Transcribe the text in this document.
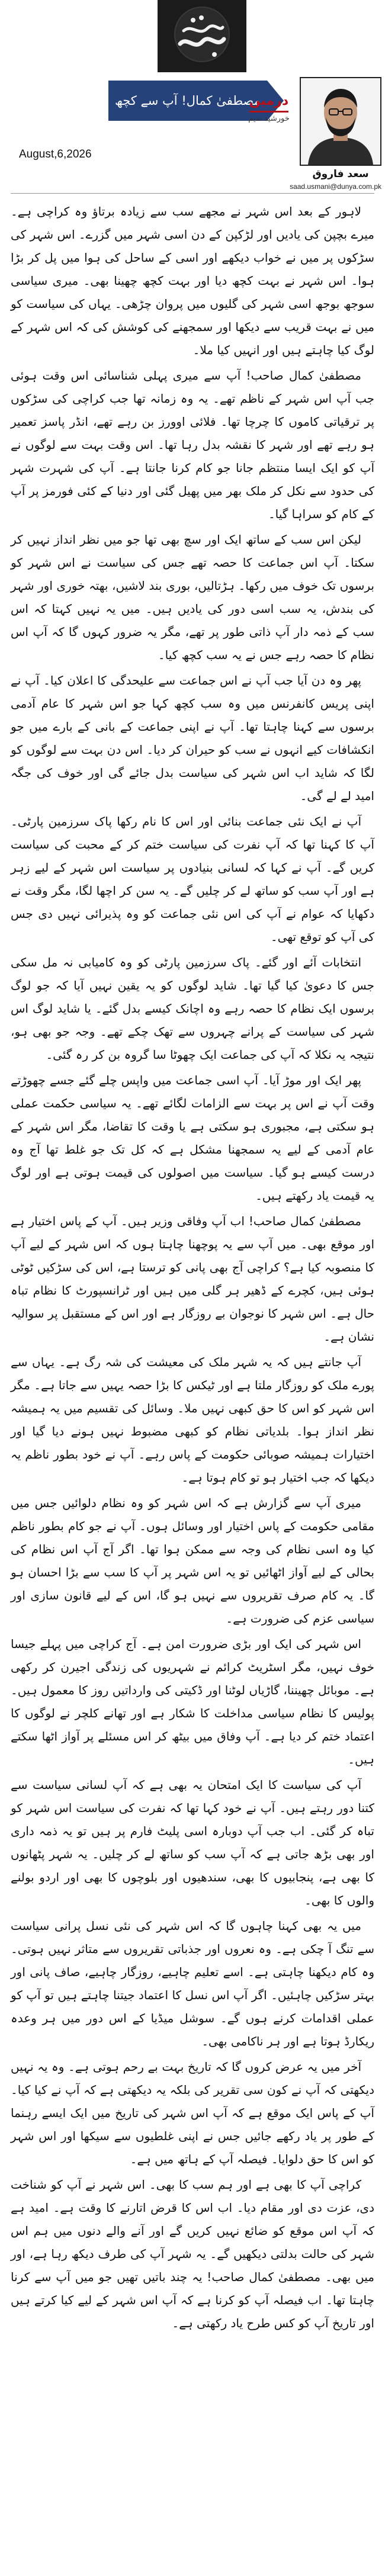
مصطفیٰ کمال! آپ سے کچھ باتیں
درمیں
خورشید ندیم
سعد فاروق
saad.usmani@dunya.com.pk
August,6,2026

لاہور کے بعد اس شہر نے مجھے سب سے زیادہ برتاؤ وہ کراچی ہے۔ میرے بچپن کی یادیں اور لڑکپن کے دن اسی شہر میں گزرے۔ اس شہر کی سڑکوں پر میں نے خواب دیکھے اور اسی کے ساحل کی ہوا میں پل کر بڑا ہوا۔ اس شہر نے بہت کچھ دیا اور بہت کچھ چھینا بھی۔ میری سیاسی سوجھ بوجھ اسی شہر کی گلیوں میں پروان چڑھی۔ یہاں کی سیاست کو میں نے بہت قریب سے دیکھا اور سمجھنے کی کوشش کی کہ اس شہر کے لوگ کیا چاہتے ہیں اور انہیں کیا ملا۔

مصطفیٰ کمال صاحب! آپ سے میری پہلی شناسائی اس وقت ہوئی جب آپ اس شہر کے ناظم تھے۔ یہ وہ زمانہ تھا جب کراچی کی سڑکوں پر ترقیاتی کاموں کا چرچا تھا۔ فلائی اوورز بن رہے تھے، انڈر پاسز تعمیر ہو رہے تھے اور شہر کا نقشہ بدل رہا تھا۔ اس وقت بہت سے لوگوں نے آپ کو ایک ایسا منتظم جانا جو کام کرنا جانتا ہے۔ آپ کی شہرت شہر کی حدود سے نکل کر ملک بھر میں پھیل گئی اور دنیا کے کئی فورمز پر آپ کے کام کو سراہا گیا۔

لیکن اس سب کے ساتھ ایک اور سچ بھی تھا جو میں نظر انداز نہیں کر سکتا۔ آپ اس جماعت کا حصہ تھے جس کی سیاست نے اس شہر کو برسوں تک خوف میں رکھا۔ ہڑتالیں، بوری بند لاشیں، بھتہ خوری اور شہر کی بندش، یہ سب اسی دور کی یادیں ہیں۔ میں یہ نہیں کہتا کہ اس سب کے ذمہ دار آپ ذاتی طور پر تھے، مگر یہ ضرور کہوں گا کہ آپ اس نظام کا حصہ رہے جس نے یہ سب کچھ کیا۔

پھر وہ دن آیا جب آپ نے اس جماعت سے علیحدگی کا اعلان کیا۔ آپ نے اپنی پریس کانفرنس میں وہ سب کچھ کہا جو اس شہر کا عام آدمی برسوں سے کہنا چاہتا تھا۔ آپ نے اپنی جماعت کے بانی کے بارے میں جو انکشافات کیے انہوں نے سب کو حیران کر دیا۔ اس دن بہت سے لوگوں کو لگا کہ شاید اب اس شہر کی سیاست بدل جائے گی اور خوف کی جگہ امید لے لے گی۔

آپ نے ایک نئی جماعت بنائی اور اس کا نام رکھا پاک سرزمین پارٹی۔ آپ کا کہنا تھا کہ آپ نفرت کی سیاست ختم کر کے محبت کی سیاست کریں گے۔ آپ نے کہا کہ لسانی بنیادوں پر سیاست اس شہر کے لیے زہر ہے اور آپ سب کو ساتھ لے کر چلیں گے۔ یہ سن کر اچھا لگا، مگر وقت نے دکھایا کہ عوام نے آپ کی اس نئی جماعت کو وہ پذیرائی نہیں دی جس کی آپ کو توقع تھی۔

انتخابات آئے اور گئے۔ پاک سرزمین پارٹی کو وہ کامیابی نہ مل سکی جس کا دعویٰ کیا گیا تھا۔ شاید لوگوں کو یہ یقین نہیں آیا کہ جو لوگ برسوں ایک نظام کا حصہ رہے وہ اچانک کیسے بدل گئے۔ یا شاید لوگ اس شہر کی سیاست کے پرانے چہروں سے تھک چکے تھے۔ وجہ جو بھی ہو، نتیجہ یہ نکلا کہ آپ کی جماعت ایک چھوٹا سا گروہ بن کر رہ گئی۔

پھر ایک اور موڑ آیا۔ آپ اسی جماعت میں واپس چلے گئے جسے چھوڑتے وقت آپ نے اس پر بہت سے الزامات لگائے تھے۔ یہ سیاسی حکمت عملی ہو سکتی ہے، مجبوری ہو سکتی ہے یا وقت کا تقاضا، مگر اس شہر کے عام آدمی کے لیے یہ سمجھنا مشکل ہے کہ کل تک جو غلط تھا آج وہ درست کیسے ہو گیا۔ سیاست میں اصولوں کی قیمت ہوتی ہے اور لوگ یہ قیمت یاد رکھتے ہیں۔

مصطفیٰ کمال صاحب! اب آپ وفاقی وزیر ہیں۔ آپ کے پاس اختیار ہے اور موقع بھی۔ میں آپ سے یہ پوچھنا چاہتا ہوں کہ اس شہر کے لیے آپ کا منصوبہ کیا ہے؟ کراچی آج بھی پانی کو ترستا ہے، اس کی سڑکیں ٹوٹی ہوئی ہیں، کچرے کے ڈھیر ہر گلی میں ہیں اور ٹرانسپورٹ کا نظام تباہ حال ہے۔ اس شہر کا نوجوان بے روزگار ہے اور اس کے مستقبل پر سوالیہ نشان ہے۔

آپ جانتے ہیں کہ یہ شہر ملک کی معیشت کی شہ رگ ہے۔ یہاں سے پورے ملک کو روزگار ملتا ہے اور ٹیکس کا بڑا حصہ یہیں سے جاتا ہے۔ مگر اس شہر کو اس کا حق کبھی نہیں ملا۔ وسائل کی تقسیم میں یہ ہمیشہ نظر انداز ہوا۔ بلدیاتی نظام کو کبھی مضبوط نہیں ہونے دیا گیا اور اختیارات ہمیشہ صوبائی حکومت کے پاس رہے۔ آپ نے خود بطور ناظم یہ دیکھا کہ جب اختیار ہو تو کام ہوتا ہے۔

میری آپ سے گزارش ہے کہ اس شہر کو وہ نظام دلوائیں جس میں مقامی حکومت کے پاس اختیار اور وسائل ہوں۔ آپ نے جو کام بطور ناظم کیا وہ اسی نظام کی وجہ سے ممکن ہوا تھا۔ اگر آج آپ اس نظام کی بحالی کے لیے آواز اٹھائیں تو یہ اس شہر پر آپ کا سب سے بڑا احسان ہو گا۔ یہ کام صرف تقریروں سے نہیں ہو گا، اس کے لیے قانون سازی اور سیاسی عزم کی ضرورت ہے۔

اس شہر کی ایک اور بڑی ضرورت امن ہے۔ آج کراچی میں پہلے جیسا خوف نہیں، مگر اسٹریٹ کرائم نے شہریوں کی زندگی اجیرن کر رکھی ہے۔ موبائل چھیننا، گاڑیاں لوٹنا اور ڈکیتی کی وارداتیں روز کا معمول ہیں۔ پولیس کا نظام سیاسی مداخلت کا شکار ہے اور تھانے کلچر نے لوگوں کا اعتماد ختم کر دیا ہے۔ آپ وفاق میں بیٹھ کر اس مسئلے پر آواز اٹھا سکتے ہیں۔

آپ کی سیاست کا ایک امتحان یہ بھی ہے کہ آپ لسانی سیاست سے کتنا دور رہتے ہیں۔ آپ نے خود کہا تھا کہ نفرت کی سیاست اس شہر کو تباہ کر گئی۔ اب جب آپ دوبارہ اسی پلیٹ فارم پر ہیں تو یہ ذمہ داری اور بھی بڑھ جاتی ہے کہ آپ سب کو ساتھ لے کر چلیں۔ یہ شہر پٹھانوں کا بھی ہے، پنجابیوں کا بھی، سندھیوں اور بلوچوں کا بھی اور اردو بولنے والوں کا بھی۔

میں یہ بھی کہنا چاہوں گا کہ اس شہر کی نئی نسل پرانی سیاست سے تنگ آ چکی ہے۔ وہ نعروں اور جذباتی تقریروں سے متاثر نہیں ہوتی۔ وہ کام دیکھنا چاہتی ہے۔ اسے تعلیم چاہیے، روزگار چاہیے، صاف پانی اور بہتر سڑکیں چاہئیں۔ اگر آپ اس نسل کا اعتماد جیتنا چاہتے ہیں تو آپ کو عملی اقدامات کرنے ہوں گے۔ سوشل میڈیا کے اس دور میں ہر وعدہ ریکارڈ ہوتا ہے اور ہر ناکامی بھی۔

آخر میں یہ عرض کروں گا کہ تاریخ بہت بے رحم ہوتی ہے۔ وہ یہ نہیں دیکھتی کہ آپ نے کون سی تقریر کی بلکہ یہ دیکھتی ہے کہ آپ نے کیا کیا۔ آپ کے پاس ایک موقع ہے کہ آپ اس شہر کی تاریخ میں ایک ایسے رہنما کے طور پر یاد رکھے جائیں جس نے اپنی غلطیوں سے سیکھا اور اس شہر کو اس کا حق دلوایا۔ فیصلہ آپ کے ہاتھ میں ہے۔

کراچی آپ کا بھی ہے اور ہم سب کا بھی۔ اس شہر نے آپ کو شناخت دی، عزت دی اور مقام دیا۔ اب اس کا قرض اتارنے کا وقت ہے۔ امید ہے کہ آپ اس موقع کو ضائع نہیں کریں گے اور آنے والے دنوں میں ہم اس شہر کی حالت بدلتی دیکھیں گے۔ یہ شہر آپ کی طرف دیکھ رہا ہے، اور میں بھی۔ مصطفیٰ کمال صاحب! یہ چند باتیں تھیں جو میں آپ سے کرنا چاہتا تھا۔ اب فیصلہ آپ کو کرنا ہے کہ آپ اس شہر کے لیے کیا کرتے ہیں اور تاریخ آپ کو کس طرح یاد رکھتی ہے۔
